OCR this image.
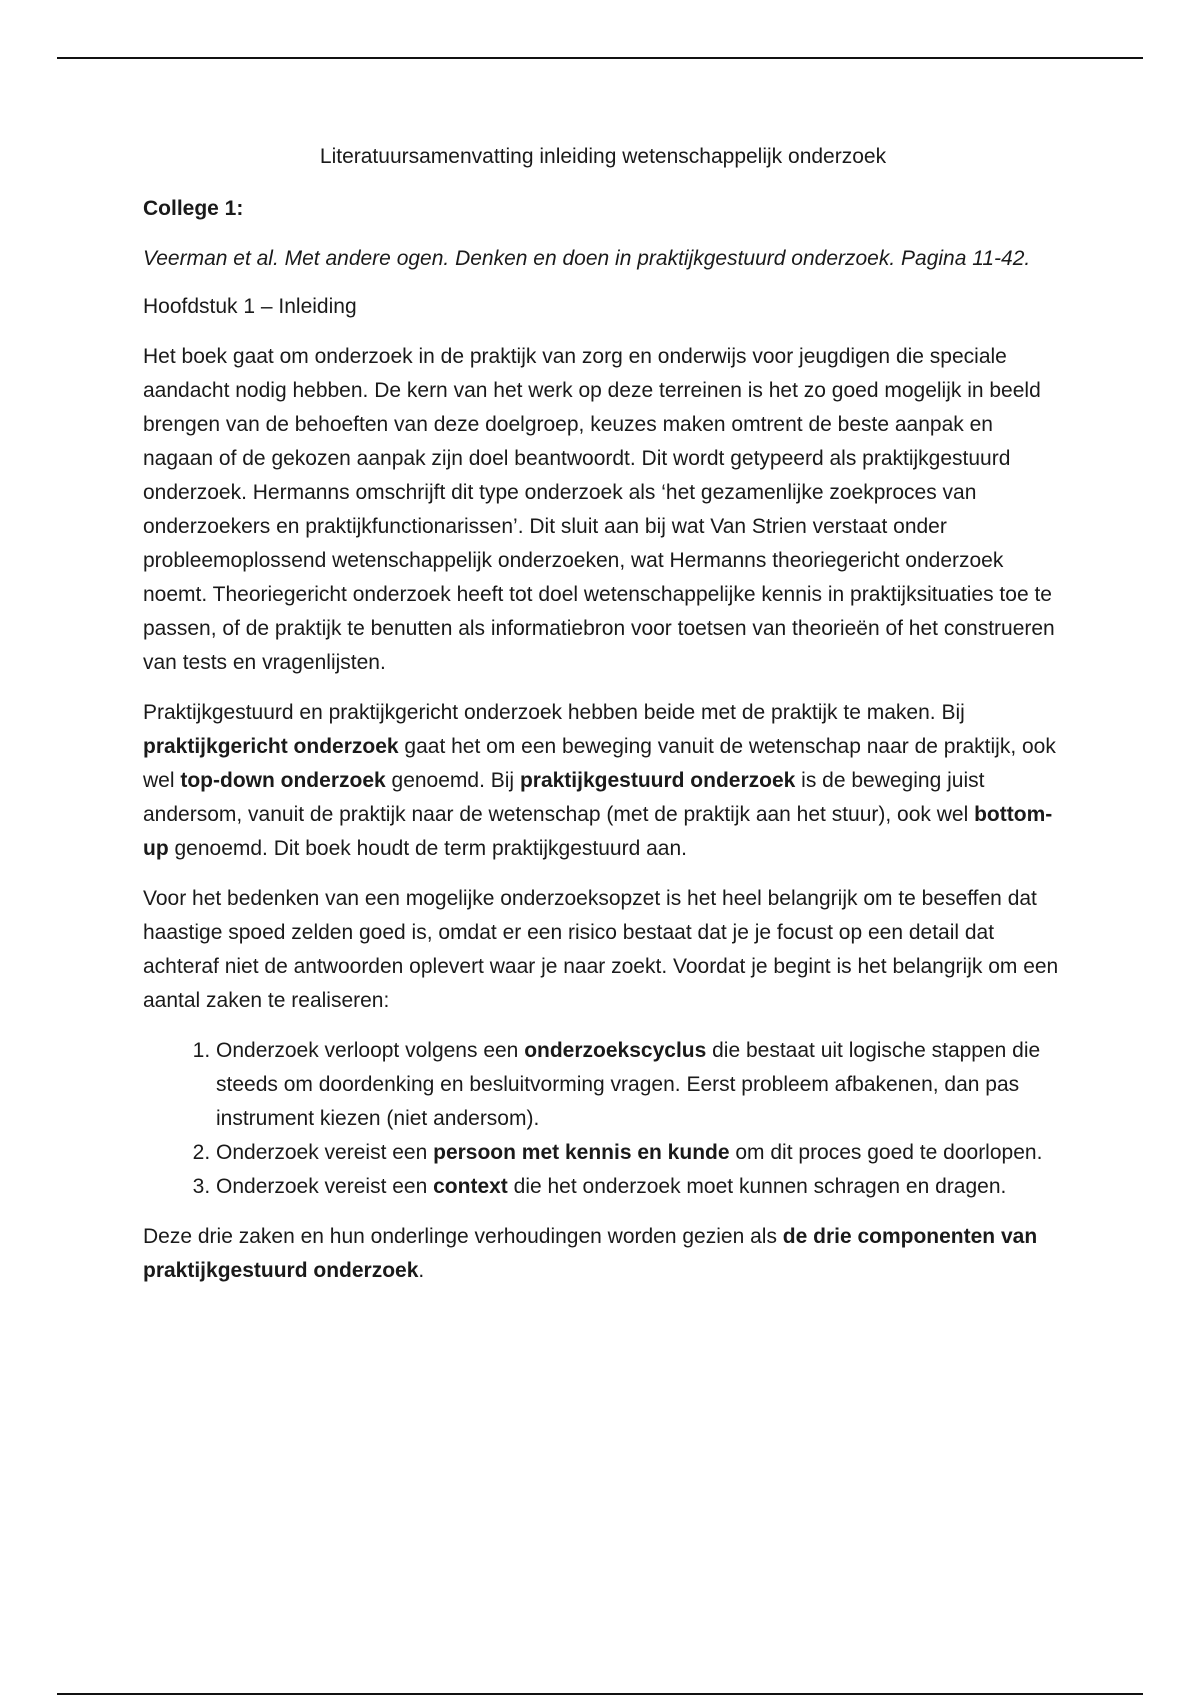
Literatuursamenvatting inleiding wetenschappelijk onderzoek

College 1:

Veerman et al. Met andere ogen. Denken en doen in praktijkgestuurd onderzoek. Pagina 11-42.

Hoofdstuk 1 – Inleiding

Het boek gaat om onderzoek in de praktijk van zorg en onderwijs voor jeugdigen die speciale aandacht nodig hebben. De kern van het werk op deze terreinen is het zo goed mogelijk in beeld brengen van de behoeften van deze doelgroep, keuzes maken omtrent de beste aanpak en nagaan of de gekozen aanpak zijn doel beantwoordt. Dit wordt getypeerd als praktijkgestuurd onderzoek. Hermanns omschrijft dit type onderzoek als ‘het gezamenlijke zoekproces van onderzoekers en praktijkfunctionarissen’. Dit sluit aan bij wat Van Strien verstaat onder probleemoplossend wetenschappelijk onderzoeken, wat Hermanns theoriegericht onderzoek noemt. Theoriegericht onderzoek heeft tot doel wetenschappelijke kennis in praktijksituaties toe te passen, of de praktijk te benutten als informatiebron voor toetsen van theorieën of het construeren van tests en vragenlijsten.

Praktijkgestuurd en praktijkgericht onderzoek hebben beide met de praktijk te maken. Bij praktijkgericht onderzoek gaat het om een beweging vanuit de wetenschap naar de praktijk, ook wel top-down onderzoek genoemd. Bij praktijkgestuurd onderzoek is de beweging juist andersom, vanuit de praktijk naar de wetenschap (met de praktijk aan het stuur), ook wel bottom-up genoemd. Dit boek houdt de term praktijkgestuurd aan.

Voor het bedenken van een mogelijke onderzoeksopzet is het heel belangrijk om te beseffen dat haastige spoed zelden goed is, omdat er een risico bestaat dat je je focust op een detail dat achteraf niet de antwoorden oplevert waar je naar zoekt. Voordat je begint is het belangrijk om een aantal zaken te realiseren:

1. Onderzoek verloopt volgens een onderzoekscyclus die bestaat uit logische stappen die steeds om doordenking en besluitvorming vragen. Eerst probleem afbakenen, dan pas instrument kiezen (niet andersom).
2. Onderzoek vereist een persoon met kennis en kunde om dit proces goed te doorlopen.
3. Onderzoek vereist een context die het onderzoek moet kunnen schragen en dragen.

Deze drie zaken en hun onderlinge verhoudingen worden gezien als de drie componenten van praktijkgestuurd onderzoek.
